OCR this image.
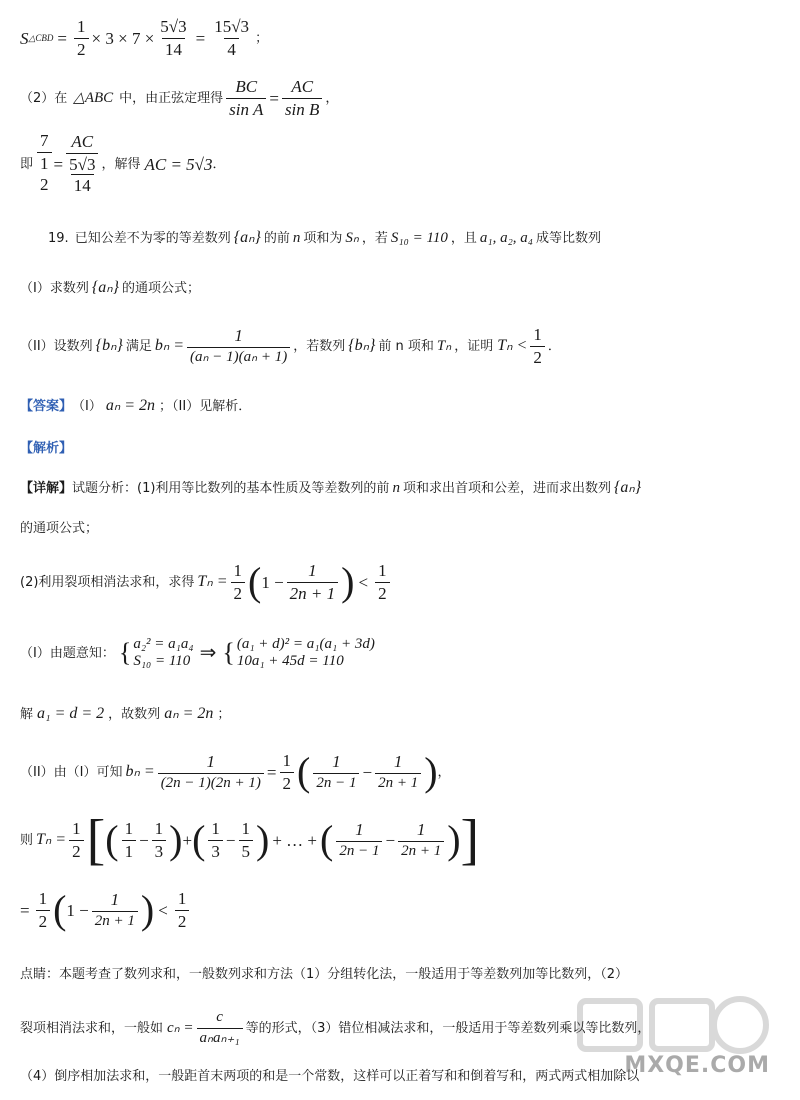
S △CBD = $\frac{1}{2} \times 3 \times 7 \times \frac{5√3}{14} = \frac{15√3}{4}$ ；
（2）在 △ABC 中，由正弦定理得 $\frac{BC}{\text{sin A}} = \frac{AC}{\text{sin B}}$ ，
即
7
1
2
=
AC
5√3
14
，解得 AC = 5√3 ．
19. 已知公差不为零的等差数列 {aₙ} 的前 n 项和为 Sₙ ，若 S₁₀ = 110 ，且 a₁, a₂, a₄ 成等比数列
（I）求数列 {aₙ} 的通项公式；
（II）设数列 {bₙ} 满足 $b_n = \frac{1}{\text{(aₙ − 1)(aₙ + 1)}}$ ，若数列 {bₙ} 前 n 项和 Tₙ ，证明 $T_n < \frac{1}{2}$ ．
【答案】 （I） aₙ = 2n ；（II）见解析．
【解析】
【详解】 试题分析：(1)利用等比数列的基本性质及等差数列的前 n 项和求出首项和公差，进而求出数列 {aₙ}
的通项公式；
(2)利用裂项相消法求和，求得 $T_n = \frac{1}{2}$ ( $1 - \frac{1}{2n + 1}$ ) < $\frac{1}{2}$
（I）由题意知： { a₂² = a₁a₄
S₁₀ = 110 ⇒ { (a₁ + d)² = a₁(a₁ + 3d)
10a₁ + 45d = 110
解 a₁ = d = 2 ，故数列 aₙ = 2n ；
（II）由（I）可知 $b_n = \frac{1}{(2n - 1)(2n + 1)} = \frac{1}{2}$ ( $\frac{1}{2n - 1} - \frac{1}{2n + 1}$ ) ，
则 $T_n = \frac{1}{2}$ [ ( $\frac{1}{1} - \frac{1}{3}$ ) + ( $\frac{1}{3} - \frac{1}{5}$ ) + … + ( $\frac{1}{2n - 1} - \frac{1}{2n + 1}$ ) ]
= $\frac{1}{2}$ ( $1 - \frac{1}{2n + 1}$ ) < $\frac{1}{2}$
点睛：本题考查了数列求和，一般数列求和方法（1）分组转化法，一般适用于等差数列加等比数列，（2）
裂项相消法求和，一般如 $c_n = \frac{c}{\text{aₙaₙ₊₁}}$ 等的形式，（3）错位相减法求和，一般适用于等差数列乘以等比数列，
（4）倒序相加法求和，一般距首末两项的和是一个常数，这样可以正着写和和倒着写和，两式两式相加除以
MXQE.COM
